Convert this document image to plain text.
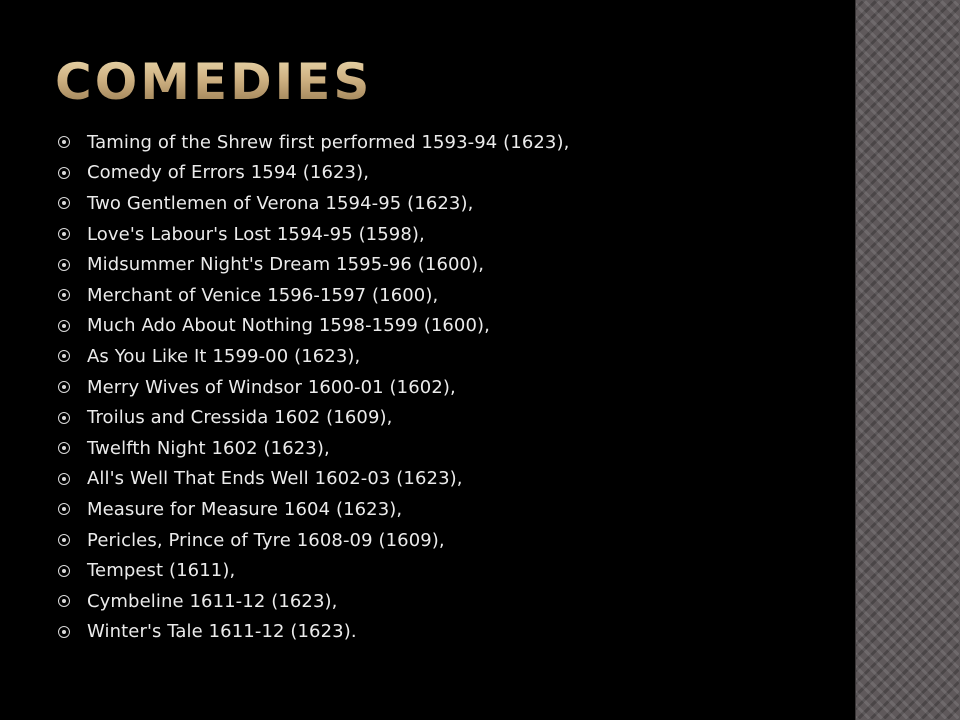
COMEDIES
Taming of the Shrew first performed 1593-94 (1623),
Comedy of Errors 1594 (1623),
Two Gentlemen of Verona 1594-95 (1623),
Love's Labour's Lost 1594-95 (1598),
Midsummer Night's Dream 1595-96 (1600),
Merchant of Venice 1596-1597 (1600),
Much Ado About Nothing 1598-1599 (1600),
As You Like It 1599-00 (1623),
Merry Wives of Windsor 1600-01 (1602),
Troilus and Cressida 1602 (1609),
Twelfth Night 1602 (1623),
All's Well That Ends Well 1602-03 (1623),
Measure for Measure 1604 (1623),
Pericles, Prince of Tyre 1608-09 (1609),
Tempest (1611),
Cymbeline 1611-12 (1623),
Winter's Tale 1611-12 (1623).
